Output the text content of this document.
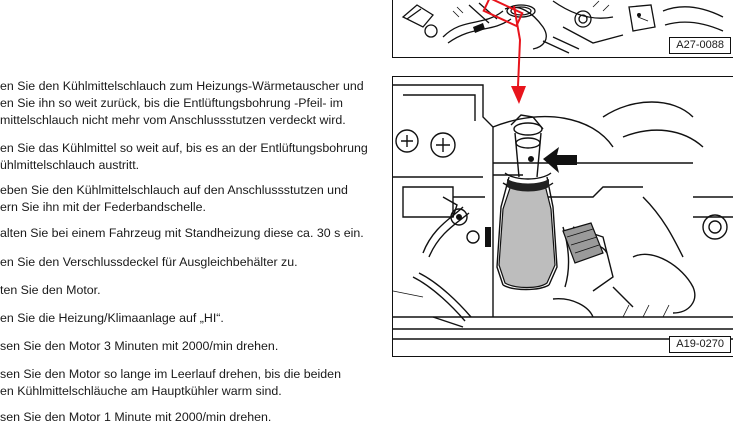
en Sie den Kühlmittelschlauch zum Heizungs-Wärmetauscher und
en Sie ihn so weit zurück, bis die Entlüftungsbohrung -Pfeil- im
mittelschlauch nicht mehr vom Anschlussstutzen verdeckt wird.
en Sie das Kühlmittel so weit auf, bis es an der Entlüftungsbohrung
ühlmittelschlauch austritt.
eben Sie den Kühlmittelschlauch auf den Anschlussstutzen und
ern Sie ihn mit der Federbandschelle.
alten Sie bei einem Fahrzeug mit Standheizung diese ca. 30 s ein.
en Sie den Verschlussdeckel für Ausgleichbehälter zu.
ten Sie den Motor.
en Sie die Heizung/Klimaanlage auf „HI“.
sen Sie den Motor 3 Minuten mit 2000/min drehen.
sen Sie den Motor so lange im Leerlauf drehen, bis die beiden
en Kühlmittelschläuche am Hauptkühler warm sind.
sen Sie den Motor 1 Minute mit 2000/min drehen.
A27-0088
A19-0270
